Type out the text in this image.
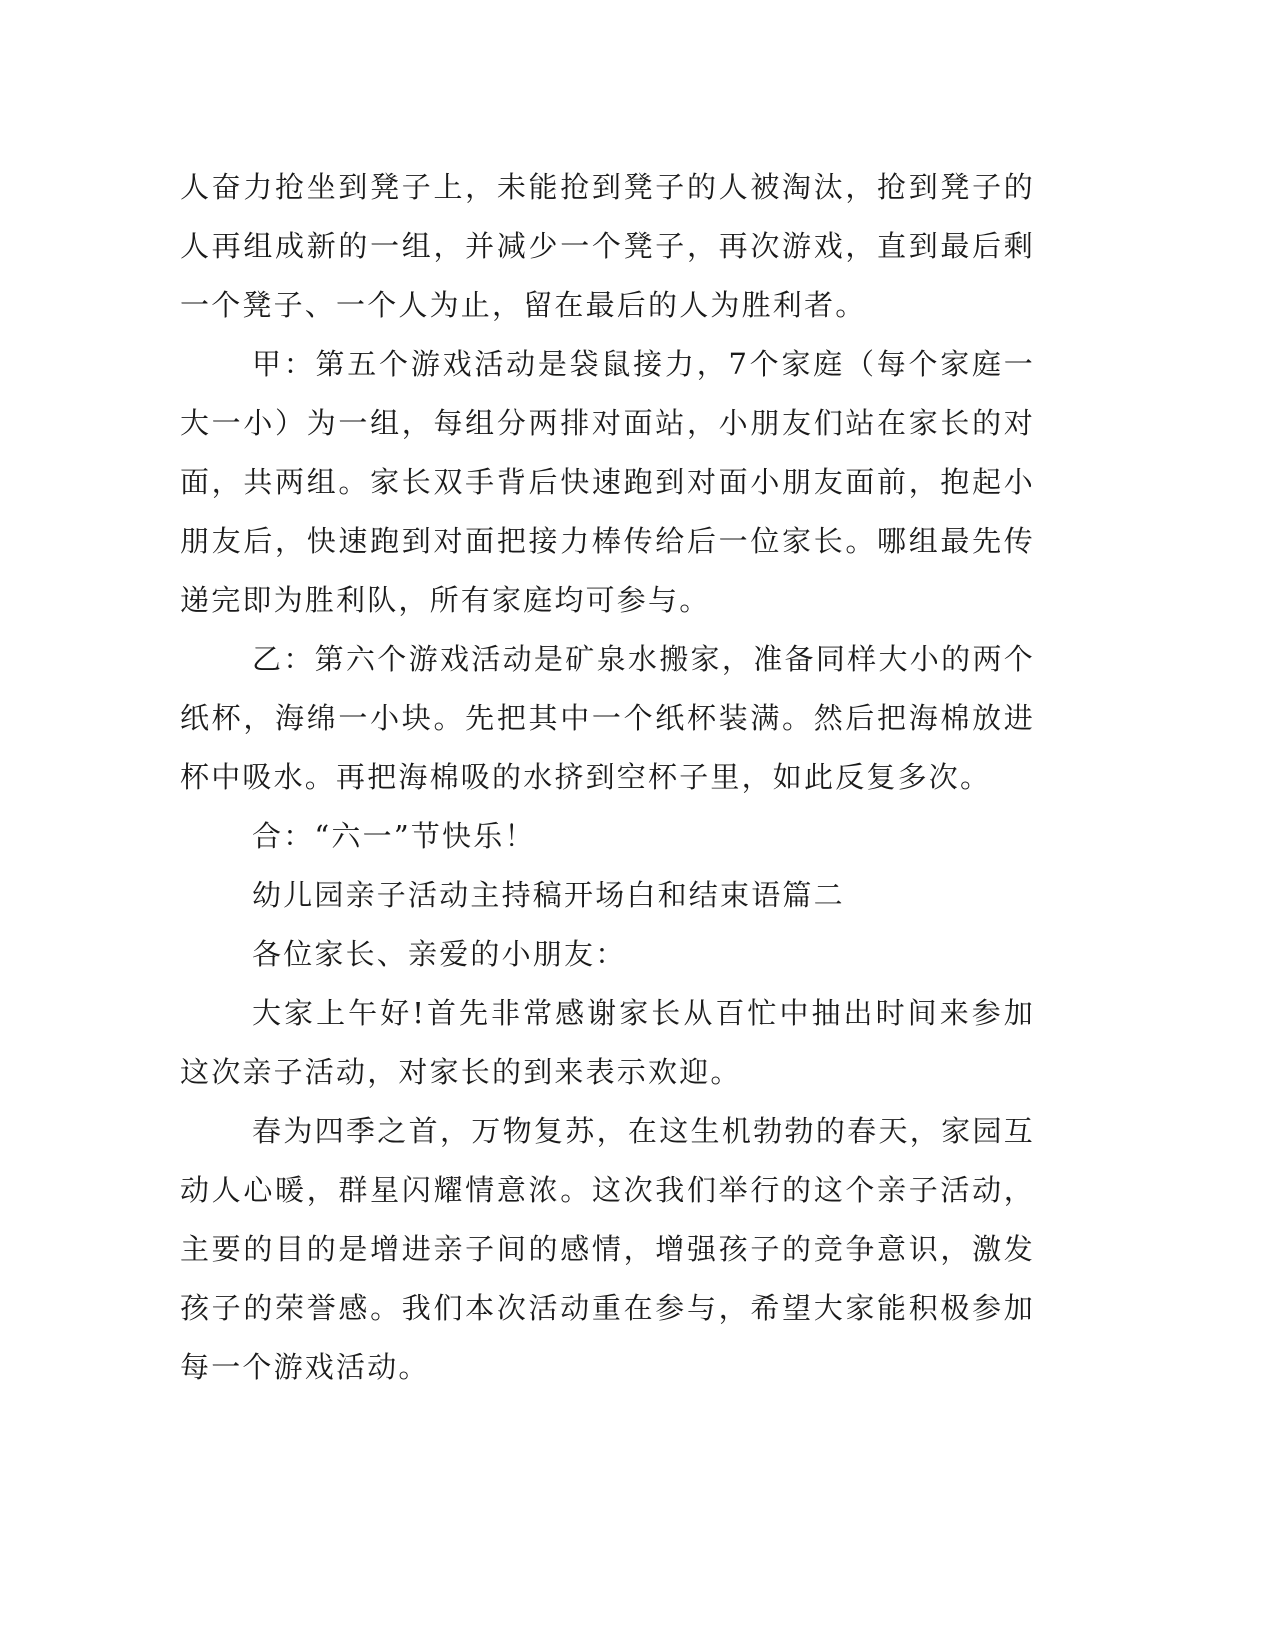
人奋力抢坐到凳子上，未能抢到凳子的人被淘汰，抢到凳子的人再组成新的一组，并减少一个凳子，再次游戏，直到最后剩一个凳子、一个人为止，留在最后的人为胜利者。

甲：第五个游戏活动是袋鼠接力，7个家庭（每个家庭一大一小）为一组，每组分两排对面站，小朋友们站在家长的对面，共两组。家长双手背后快速跑到对面小朋友面前，抱起小朋友后，快速跑到对面把接力棒传给后一位家长。哪组最先传递完即为胜利队，所有家庭均可参与。

乙：第六个游戏活动是矿泉水搬家，准备同样大小的两个纸杯，海绵一小块。先把其中一个纸杯装满。然后把海棉放进杯中吸水。再把海棉吸的水挤到空杯子里，如此反复多次。

合：“六一”节快乐！

幼儿园亲子活动主持稿开场白和结束语篇二

各位家长、亲爱的小朋友：

大家上午好!首先非常感谢家长从百忙中抽出时间来参加这次亲子活动，对家长的到来表示欢迎。

春为四季之首，万物复苏，在这生机勃勃的春天，家园互动人心暖，群星闪耀情意浓。这次我们举行的这个亲子活动，主要的目的是增进亲子间的感情，增强孩子的竞争意识，激发孩子的荣誉感。我们本次活动重在参与，希望大家能积极参加每一个游戏活动。
